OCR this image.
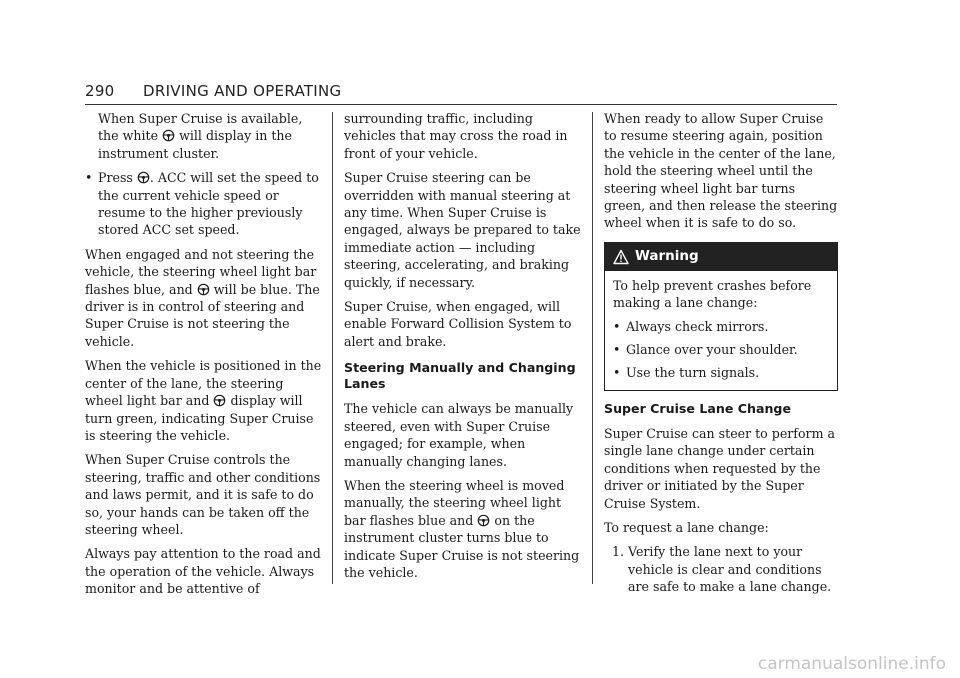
290 DRIVING AND OPERATING

When Super Cruise is available, the white will display in the instrument cluster.

• Press . ACC will set the speed to the current vehicle speed or resume to the higher previously stored ACC set speed.

When engaged and not steering the vehicle, the steering wheel light bar flashes blue, and will be blue. The driver is in control of steering and Super Cruise is not steering the vehicle.

When the vehicle is positioned in the center of the lane, the steering wheel light bar and display will turn green, indicating Super Cruise is steering the vehicle.

When Super Cruise controls the steering, traffic and other conditions and laws permit, and it is safe to do so, your hands can be taken off the steering wheel.

Always pay attention to the road and the operation of the vehicle. Always monitor and be attentive of

surrounding traffic, including vehicles that may cross the road in front of your vehicle.

Super Cruise steering can be overridden with manual steering at any time. When Super Cruise is engaged, always be prepared to take immediate action — including steering, accelerating, and braking quickly, if necessary.

Super Cruise, when engaged, will enable Forward Collision System to alert and brake.

Steering Manually and Changing Lanes

The vehicle can always be manually steered, even with Super Cruise engaged; for example, when manually changing lanes.

When the steering wheel is moved manually, the steering wheel light bar flashes blue and on the instrument cluster turns blue to indicate Super Cruise is not steering the vehicle.

When ready to allow Super Cruise to resume steering again, position the vehicle in the center of the lane, hold the steering wheel until the steering wheel light bar turns green, and then release the steering wheel when it is safe to do so.

Warning

To help prevent crashes before making a lane change:

• Always check mirrors.
• Glance over your shoulder.
• Use the turn signals.
Super Cruise Lane Change

Super Cruise can steer to perform a single lane change under certain conditions when requested by the driver or initiated by the Super Cruise System.

To request a lane change:

1. Verify the lane next to your vehicle is clear and conditions are safe to make a lane change.
carmanualsonline.info
